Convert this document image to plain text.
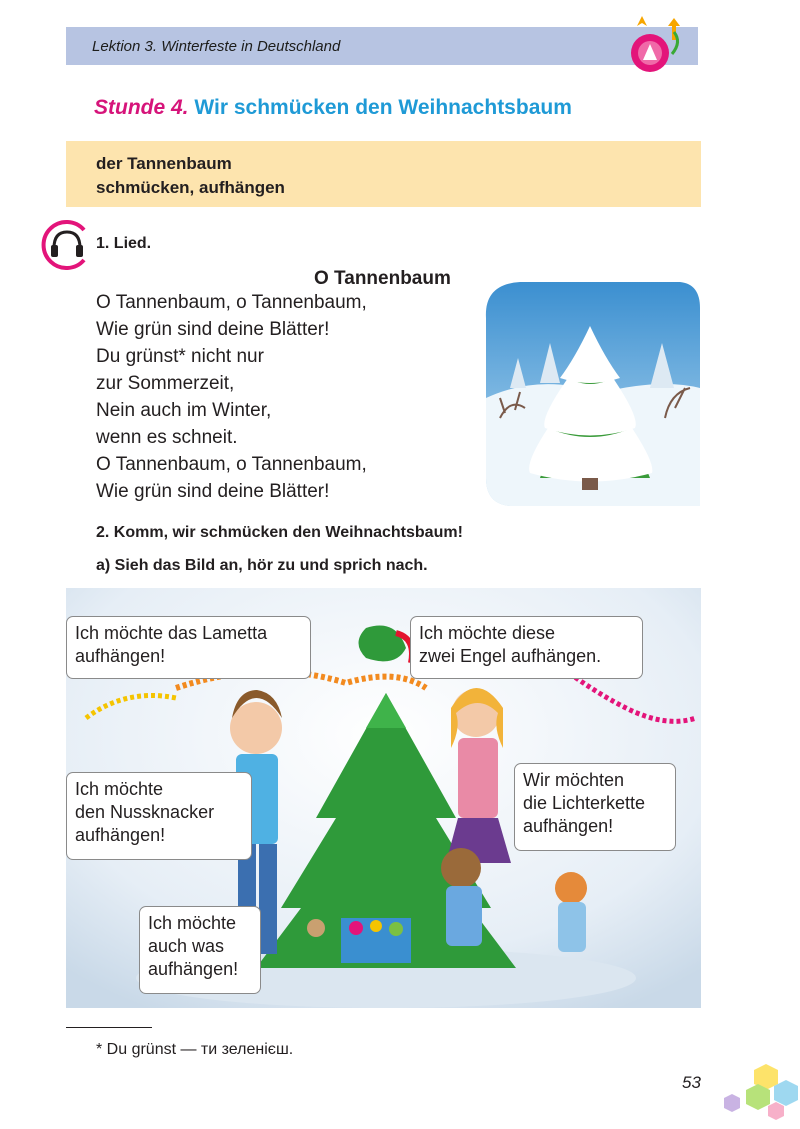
Lektion 3. Winterfeste in Deutschland
Stunde 4. Wir schmücken den Weihnachtsbaum
der Tannenbaum
schmücken, aufhängen
1. Lied.
O Tannenbaum
O Tannenbaum, o Tannenbaum,
Wie grün sind deine Blätter!
Du grünst* nicht nur
zur Sommerzeit,
Nein auch im Winter,
wenn es schneit.
O Tannenbaum, o Tannenbaum,
Wie grün sind deine Blätter!
2. Komm, wir schmücken den Weihnachtsbaum!
a) Sieh das Bild an, hör zu und sprich nach.
Ich möchte das Lametta
aufhängen!
Ich möchte diese
zwei Engel aufhängen.
Ich möchte
den Nussknacker
aufhängen!
Wir möchten
die Lichterkette
aufhängen!
Ich möchte
auch was
aufhängen!
* Du grünst — ти зеленієш.
53
